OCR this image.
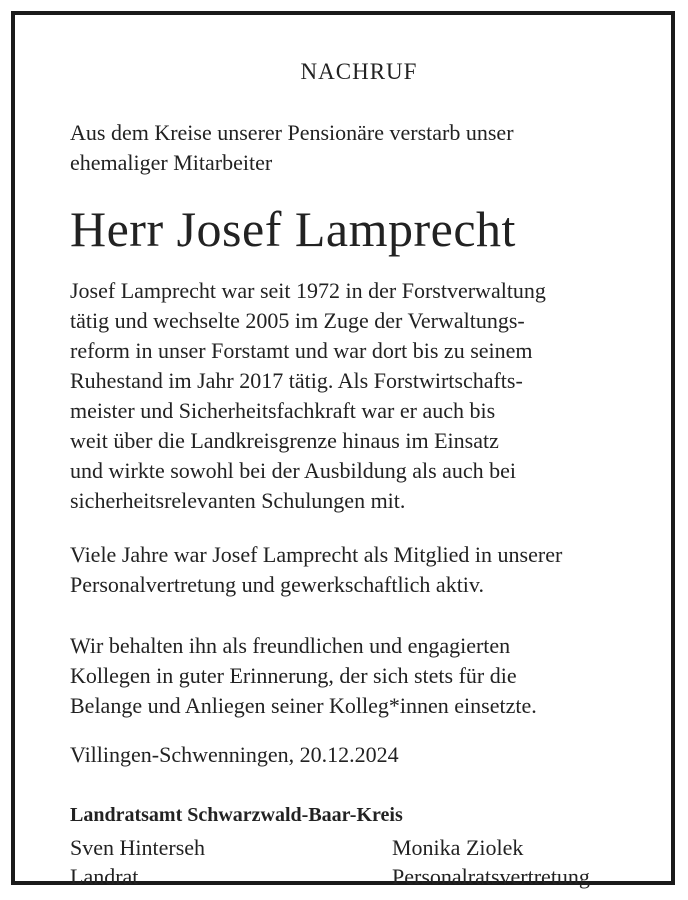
NACHRUF
Aus dem Kreise unserer Pensionäre verstarb unser
ehemaliger Mitarbeiter
Herr Josef Lamprecht
Josef Lamprecht war seit 1972 in der Forstverwaltung
tätig und wechselte 2005 im Zuge der Verwaltungs-
reform in unser Forstamt und war dort bis zu seinem
Ruhestand im Jahr 2017 tätig. Als Forstwirtschafts-
meister und Sicherheitsfachkraft war er auch bis
weit über die Landkreisgrenze hinaus im Einsatz
und wirkte sowohl bei der Ausbildung als auch bei
sicherheitsrelevanten Schulungen mit.
Viele Jahre war Josef Lamprecht als Mitglied in unserer
Personalvertretung und gewerkschaftlich aktiv.
Wir behalten ihn als freundlichen und engagierten
Kollegen in guter Erinnerung, der sich stets für die
Belange und Anliegen seiner Kolleg*innen einsetzte.
Villingen-Schwenningen, 20.12.2024
Landratsamt Schwarzwald-Baar-Kreis
Sven Hinterseh
Landrat
Monika Ziolek
Personalratsvertretung
